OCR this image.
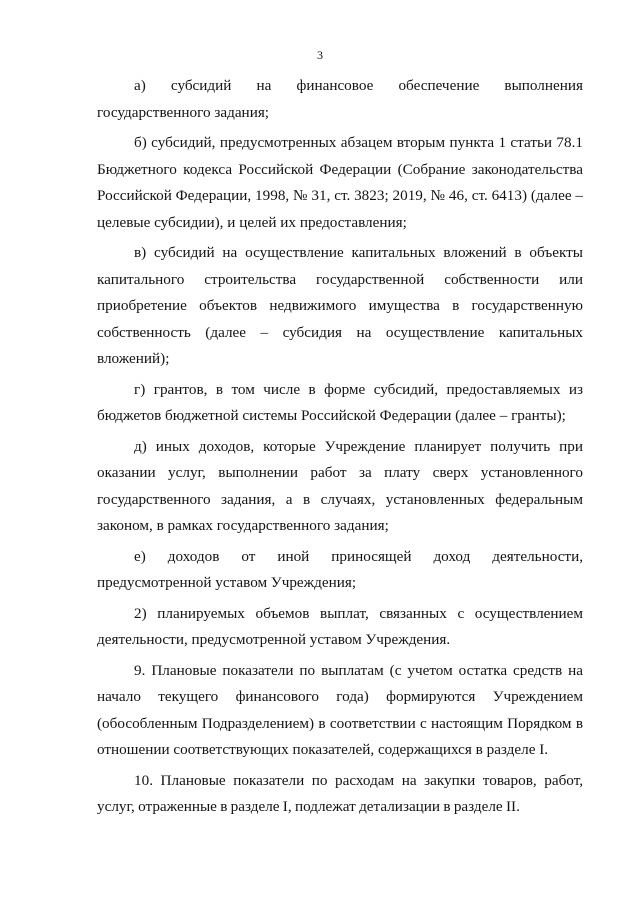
3

а) субсидий на финансовое обеспечение выполнения государственного задания;

б) субсидий, предусмотренных абзацем вторым пункта 1 статьи 78.1 Бюджетного кодекса Российской Федерации (Собрание законодательства Российской Федерации, 1998, № 31, ст. 3823; 2019, № 46, ст. 6413) (далее – целевые субсидии), и целей их предоставления;

в) субсидий на осуществление капитальных вложений в объекты капитального строительства государственной собственности или приобретение объектов недвижимого имущества в государственную собственность (далее – субсидия на осуществление капитальных вложений);

г) грантов, в том числе в форме субсидий, предоставляемых из бюджетов бюджетной системы Российской Федерации (далее – гранты);

д) иных доходов, которые Учреждение планирует получить при оказании услуг, выполнении работ за плату сверх установленного государственного задания, а в случаях, установленных федеральным законом, в рамках государственного задания;

е) доходов от иной приносящей доход деятельности, предусмотренной уставом Учреждения;

2) планируемых объемов выплат, связанных с осуществлением деятельности, предусмотренной уставом Учреждения.

9. Плановые показатели по выплатам (с учетом остатка средств на начало текущего финансового года) формируются Учреждением (обособленным Подразделением) в соответствии с настоящим Порядком в отношении соответствующих показателей, содержащихся в разделе I.

10. Плановые показатели по расходам на закупки товаров, работ, услуг, отраженные в разделе I, подлежат детализации в разделе II.
